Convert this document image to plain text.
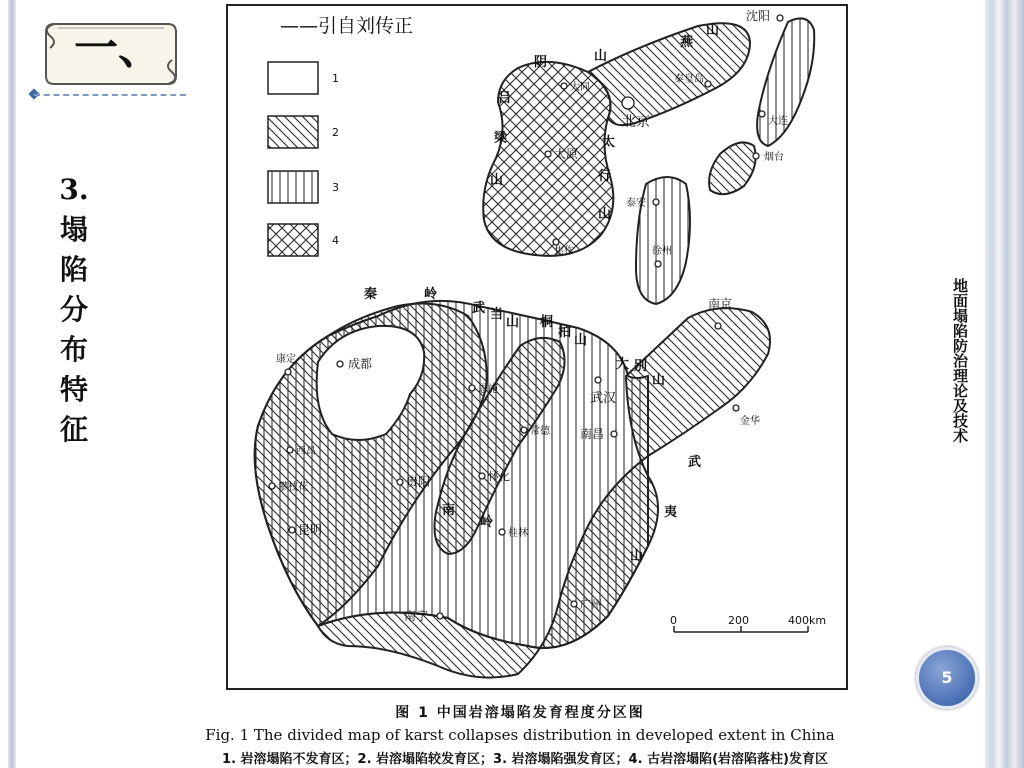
一、
3.
塌
陷
分
布
特
征	地面塌陷防治理论及技术
5
——引自刘传正
1
2
3
4
沈阳
大同
秦皇岛
北京	大连
太原	烟台
泰安
徐州
焦作
南京
康定	成都
恩施
武汉
金华
常德	南昌
西昌
怀化
贵阳
攀枝花
昆明	桂林
广州
南宁
阴	山
燕
山
吕
梁
山
太
行
山
秦	岭
武 当
山 桐
柏
山
大 别
山
南
岭
武
夷
山
0	200	400km
图 1 中国岩溶塌陷发育程度分区图
Fig. 1 The divided map of karst collapses distribution in developed extent in China
1. 岩溶塌陷不发育区；2. 岩溶塌陷较发育区；3. 岩溶塌陷强发育区；4. 古岩溶塌陷(岩溶陷落柱)发育区
